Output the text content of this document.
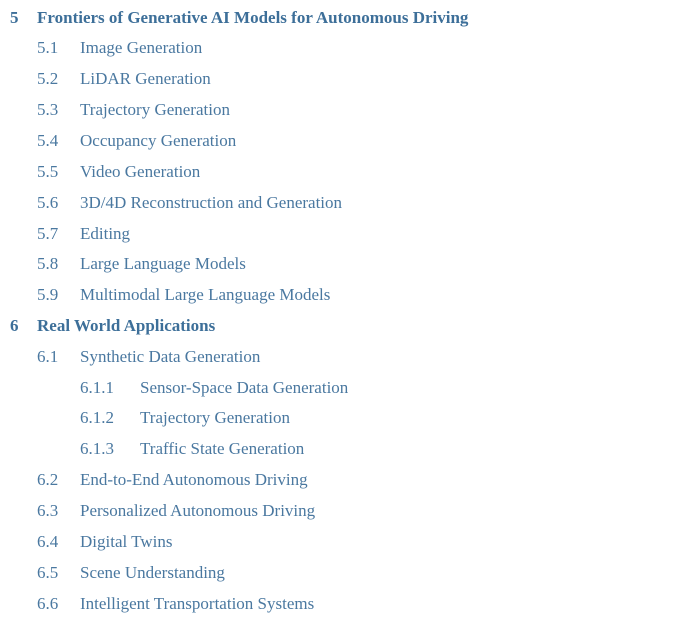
5 Frontiers of Generative AI Models for Autonomous Driving
5.1 Image Generation
5.2 LiDAR Generation
5.3 Trajectory Generation
5.4 Occupancy Generation
5.5 Video Generation
5.6 3D/4D Reconstruction and Generation
5.7 Editing
5.8 Large Language Models
5.9 Multimodal Large Language Models
6 Real World Applications
6.1 Synthetic Data Generation
6.1.1 Sensor-Space Data Generation
6.1.2 Trajectory Generation
6.1.3 Traffic State Generation
6.2 End-to-End Autonomous Driving
6.3 Personalized Autonomous Driving
6.4 Digital Twins
6.5 Scene Understanding
6.6 Intelligent Transportation Systems
